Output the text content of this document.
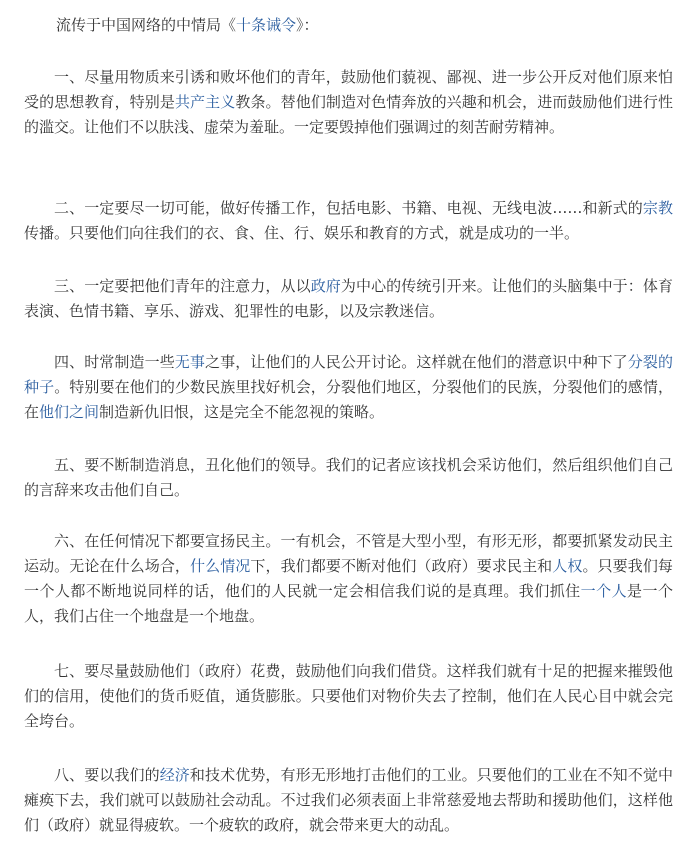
流传于中国网络的中情局《十条诫令》：

一、尽量用物质来引诱和败坏他们的青年，鼓励他们藐视、鄙视、进一步公开反对他们原来怕受的思想教育，特别是共产主义教条。替他们制造对色情奔放的兴趣和机会，进而鼓励他们进行性的滥交。让他们不以肤浅、虚荣为羞耻。一定要毁掉他们强调过的刻苦耐劳精神。

二、一定要尽一切可能，做好传播工作，包括电影、书籍、电视、无线电波……和新式的宗教传播。只要他们向往我们的衣、食、住、行、娱乐和教育的方式，就是成功的一半。

三、一定要把他们青年的注意力，从以政府为中心的传统引开来。让他们的头脑集中于：体育表演、色情书籍、享乐、游戏、犯罪性的电影，以及宗教迷信。

四、时常制造一些无事之事，让他们的人民公开讨论。这样就在他们的潜意识中种下了分裂的种子。特别要在他们的少数民族里找好机会，分裂他们地区，分裂他们的民族，分裂他们的感情，在他们之间制造新仇旧恨，这是完全不能忽视的策略。

五、要不断制造消息，丑化他们的领导。我们的记者应该找机会采访他们，然后组织他们自己的言辞来攻击他们自己。

六、在任何情况下都要宣扬民主。一有机会，不管是大型小型，有形无形，都要抓紧发动民主运动。无论在什么场合，什么情况下，我们都要不断对他们（政府）要求民主和人权。只要我们每一个人都不断地说同样的话，他们的人民就一定会相信我们说的是真理。我们抓住一个人是一个人，我们占住一个地盘是一个地盘。

七、要尽量鼓励他们（政府）花费，鼓励他们向我们借贷。这样我们就有十足的把握来摧毁他们的信用，使他们的货币贬值，通货膨胀。只要他们对物价失去了控制，他们在人民心目中就会完全垮台。

八、要以我们的经济和技术优势，有形无形地打击他们的工业。只要他们的工业在不知不觉中瘫痪下去，我们就可以鼓励社会动乱。不过我们必须表面上非常慈爱地去帮助和援助他们，这样他们（政府）就显得疲软。一个疲软的政府，就会带来更大的动乱。
